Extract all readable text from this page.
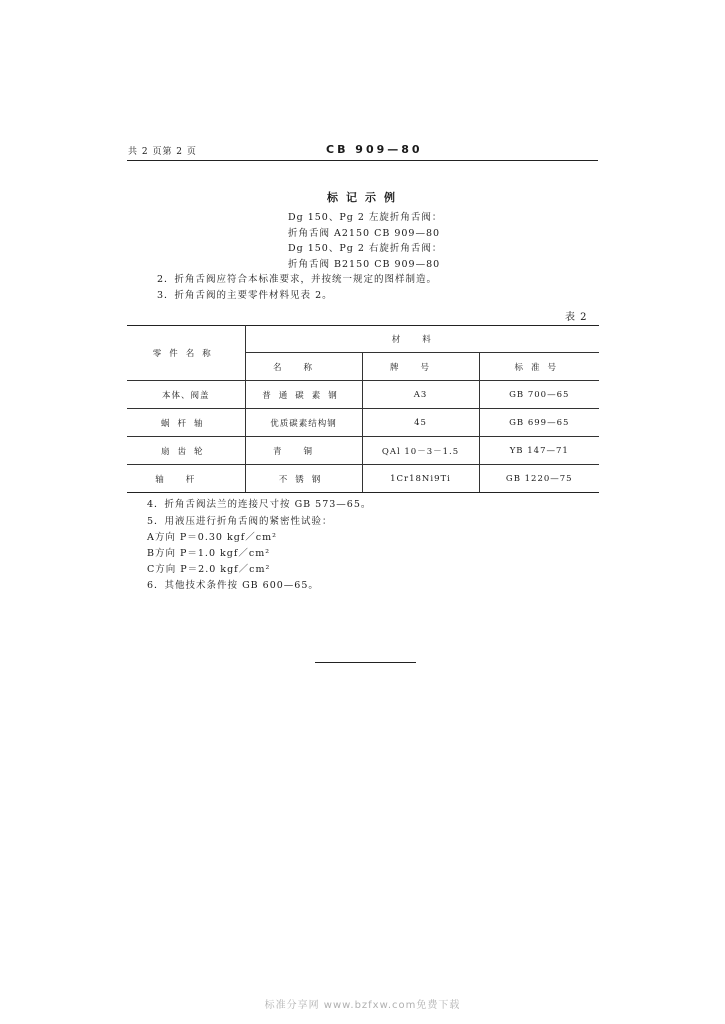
共 2 页第 2 页	CB 909—80
标记示例
Dg 150、Pg 2 左旋折角舌阀：
折角舌阀 A2150 CB 909—80
Dg 150、Pg 2 右旋折角舌阀：
折角舌阀 B2150 CB 909—80
2．折角舌阀应符合本标准要求，并按统一规定的图样制造。
3．折角舌阀的主要零件材料见表 2。
表 2
零件名称	材料		
	名称	牌号	标准号
本体、阀盖	普通碳素钢	A3	GB 700—65
蜗杆轴	优质碳素结构钢	45	GB 699—65
扇齿轮	青铜	QAl 10－3－1.5	YB 147—71
轴杆	不锈钢	1Cr18Ni9Ti	GB 1220—75
4．折角舌阀法兰的连接尺寸按 GB 573—65。
5．用液压进行折角舌阀的紧密性试验：
A方向 P＝0.30 kgf／cm²
B方向 P＝1.0 kgf／cm²
C方向 P＝2.0 kgf／cm²
6．其他技术条件按 GB 600—65。
标准分享网 www.bzfxw.com免费下载
